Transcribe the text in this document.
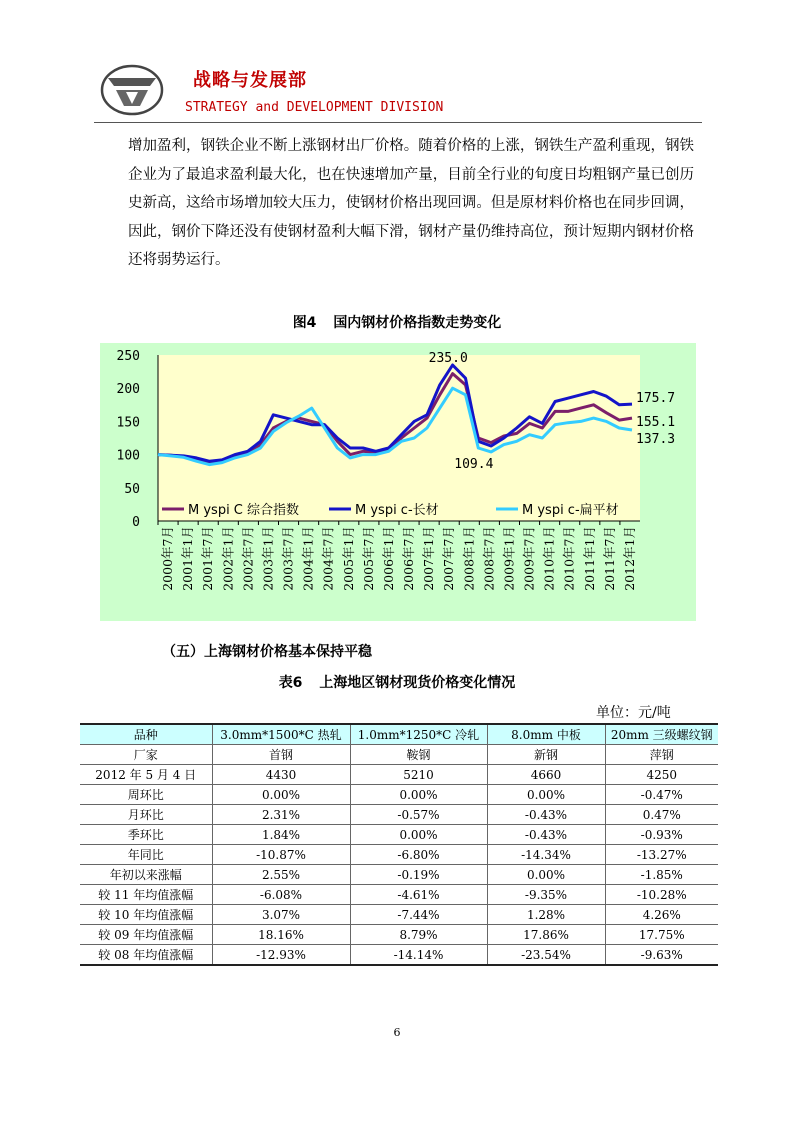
战略与发展部
STRATEGY and DEVELOPMENT DIVISION

增加盈利，钢铁企业不断上涨钢材出厂价格。随着价格的上涨，钢铁生产盈利重现，钢铁企业为了最追求盈利最大化，也在快速增加产量，目前全行业的旬度日均粗钢产量已创历史新高，这给市场增加较大压力，使钢材价格出现回调。但是原材料价格也在同步回调，因此，钢价下降还没有使钢材盈利大幅下滑，钢材产量仍维持高位，预计短期内钢材价格还将弱势运行。

图4 国内钢材价格指数走势变化
0
50
100
150
200
250
2000年7月 2001年1月 2001年7月 2002年1月 2002年7月 2003年1月 2003年7月 2004年1月 2004年7月 2005年1月 2005年7月 2006年1月 2006年7月 2007年1月 2007年7月 2008年1月 2008年7月 2009年1月 2009年7月 2010年1月 2010年7月 2011年1月 2011年7月 2012年1月
235.0
109.4
175.7
155.1
137.3
M yspi C 综合指数	M yspi c-长材	M yspi c-扁平材
（五）上海钢材价格基本保持平稳
表6 上海地区钢材现货价格变化情况
单位：元/吨
品种	3.0mm*1500*C 热轧	1.0mm*1250*C 冷轧	8.0mm 中板	20mm 三级螺纹钢
厂家	首钢	鞍钢	新钢	萍钢
2012 年 5 月 4 日	4430	5210	4660	4250
周环比	0.00%	0.00%	0.00%	-0.47%
月环比	2.31%	-0.57%	-0.43%	0.47%
季环比	1.84%	0.00%	-0.43%	-0.93%
年同比	-10.87%	-6.80%	-14.34%	-13.27%
年初以来涨幅	2.55%	-0.19%	0.00%	-1.85%
较 11 年均值涨幅	-6.08%	-4.61%	-9.35%	-10.28%
较 10 年均值涨幅	3.07%	-7.44%	1.28%	4.26%
较 09 年均值涨幅	18.16%	8.79%	17.86%	17.75%
较 08 年均值涨幅	-12.93%	-14.14%	-23.54%	-9.63%
6
